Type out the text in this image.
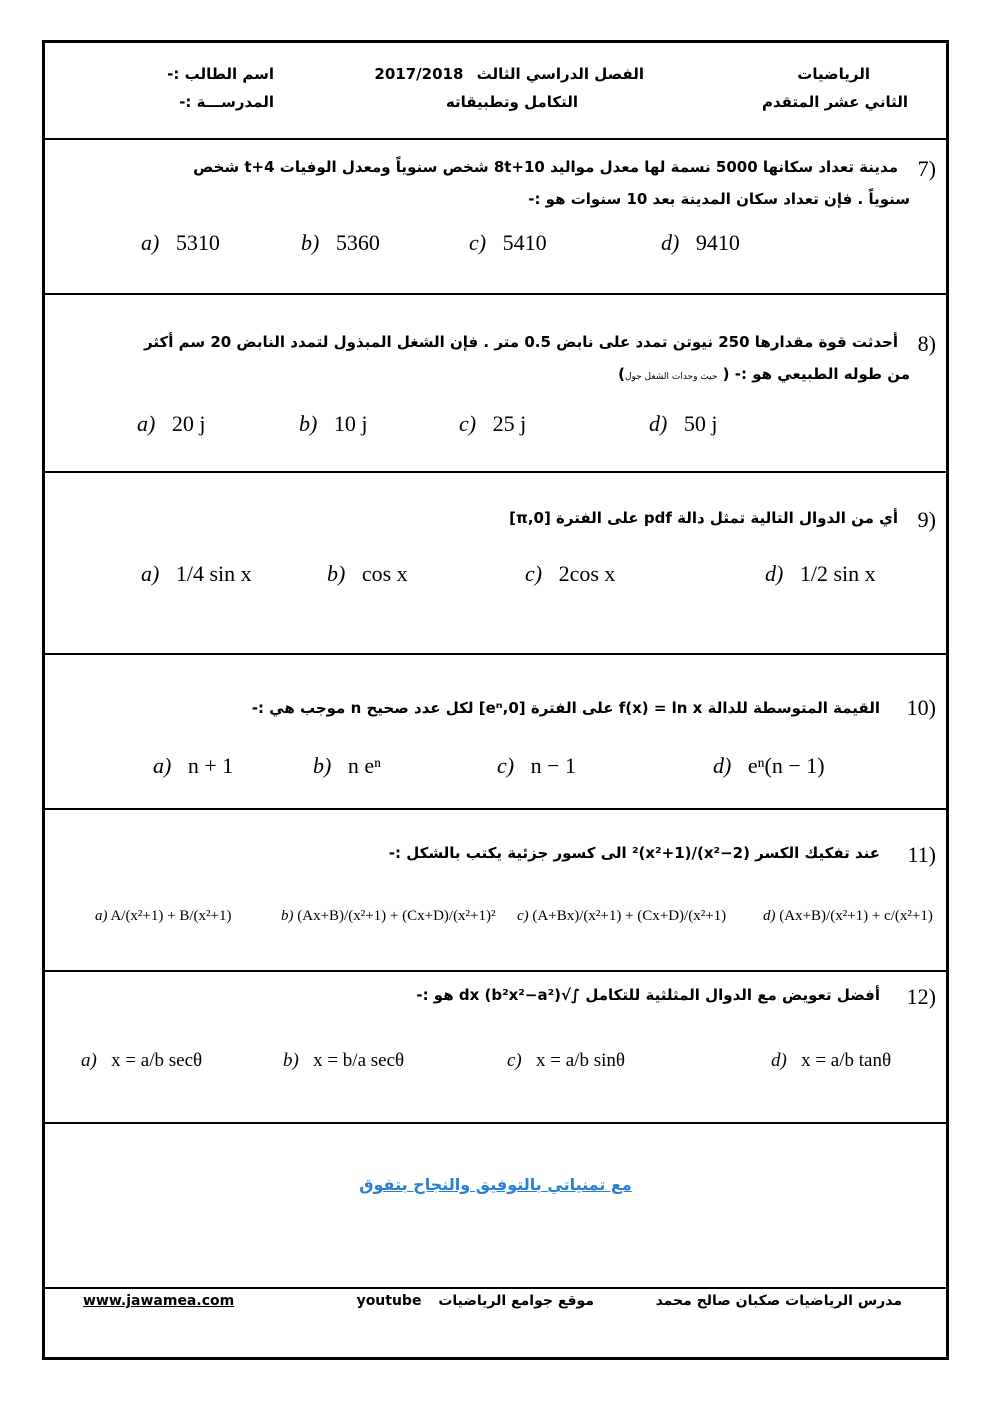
الرياضيات
الثاني عشر المتقدم
الفصل الدراسي الثالث 2017/2018
التكامل وتطبيقاته
اسم الطالب :-
المدرســـة :-
7)
مدينة تعداد سكانها 5000 نسمة لها معدل مواليد 10+8t شخص سنوياً ومعدل الوفيات 4+t شخص
سنوياً . فإن تعداد سكان المدينة بعد 10 سنوات هو :-
a) 5310	b) 5360	c) 5410	d) 9410
8)
أحدثت قوة مقدارها 250 نيوتن تمدد على نابض 0.5 متر . فإن الشغل المبذول لتمدد النابض 20 سم أكثر
من طوله الطبيعي هو :- ( حيث وحدات الشغل جول)
a) 20 j	b) 10 j	c) 25 j	d) 50 j
9)
أي من الدوال التالية تمثل دالة pdf على الفترة [0,π]
a) 1/4 sin x	b) cos x	c) 2cos x	d) 1/2 sin x
10)
القيمة المتوسطة للدالة f(x) = ln x على الفترة [0,eⁿ] لكل عدد صحيح n موجب هي :-
a) n + 1	b) n eⁿ	c) n − 1	d) eⁿ(n − 1)
11)
عند تفكيك الكسر (x²−2)/(x²+1)² الى كسور جزئية يكتب بالشكل :-
a) A/(x²+1) + B/(x²+1)	b) (Ax+B)/(x²+1) + (Cx+D)/(x²+1)² c) (A+Bx)/(x²+1) + (Cx+D)/(x²+1) d) (Ax+B)/(x²+1) + c/(x²+1)
12)
أفضل تعويض مع الدوال المثلثية للتكامل ∫√(b²x²−a²) dx هو :-
a) x = a/b secθ	b) x = b/a secθ	c) x = a/b sinθ	d) x = a/b tanθ
مع تمنياتي بالتوفيق والنجاح بتفوق
مدرس الرياضيات صكبان صالح محمد
موقع جوامع الرياضيات youtube
www.jawamea.com
